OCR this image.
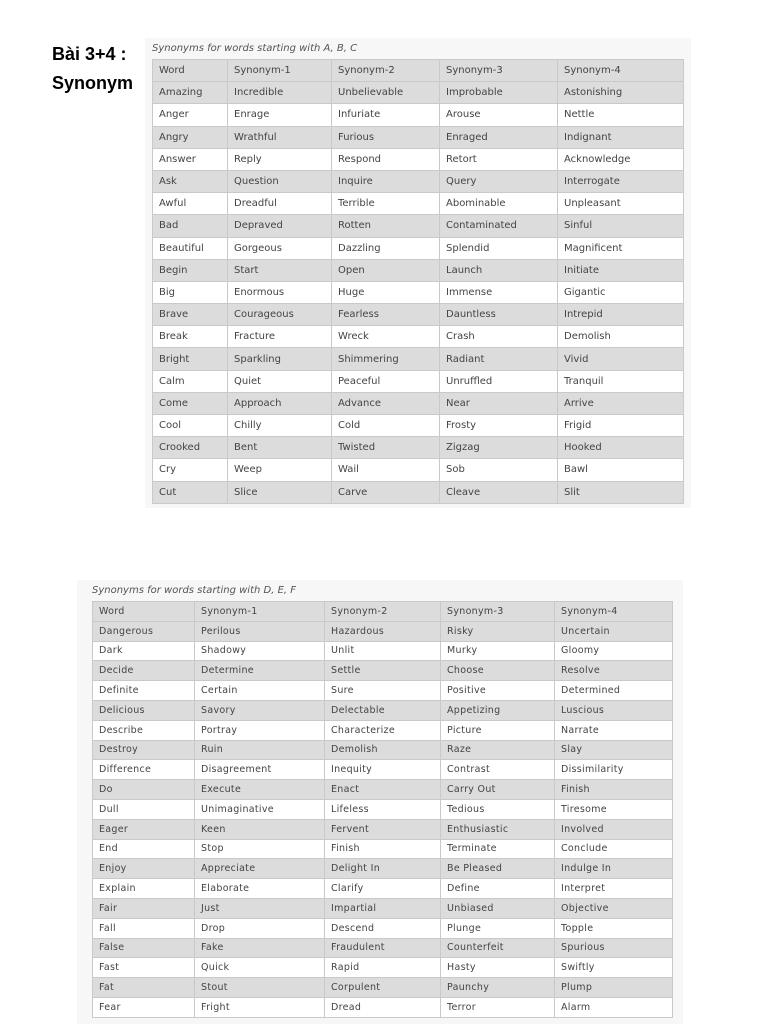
Bài 3+4 :
Synonym
Synonyms for words starting with A, B, C
Word	Synonym-1	Synonym-2	Synonym-3	Synonym-4
Amazing	Incredible	Unbelievable	Improbable	Astonishing
Anger	Enrage	Infuriate	Arouse	Nettle
Angry	Wrathful	Furious	Enraged	Indignant
Answer	Reply	Respond	Retort	Acknowledge
Ask	Question	Inquire	Query	Interrogate
Awful	Dreadful	Terrible	Abominable	Unpleasant
Bad	Depraved	Rotten	Contaminated	Sinful
Beautiful	Gorgeous	Dazzling	Splendid	Magnificent
Begin	Start	Open	Launch	Initiate
Big	Enormous	Huge	Immense	Gigantic
Brave	Courageous	Fearless	Dauntless	Intrepid
Break	Fracture	Wreck	Crash	Demolish
Bright	Sparkling	Shimmering	Radiant	Vivid
Calm	Quiet	Peaceful	Unruffled	Tranquil
Come	Approach	Advance	Near	Arrive
Cool	Chilly	Cold	Frosty	Frigid
Crooked	Bent	Twisted	Zigzag	Hooked
Cry	Weep	Wail	Sob	Bawl
Cut	Slice	Carve	Cleave	Slit
Synonyms for words starting with D, E, F
Word	Synonym-1	Synonym-2	Synonym-3	Synonym-4
Dangerous	Perilous	Hazardous	Risky	Uncertain
Dark	Shadowy	Unlit	Murky	Gloomy
Decide	Determine	Settle	Choose	Resolve
Definite	Certain	Sure	Positive	Determined
Delicious	Savory	Delectable	Appetizing	Luscious
Describe	Portray	Characterize	Picture	Narrate
Destroy	Ruin	Demolish	Raze	Slay
Difference	Disagreement	Inequity	Contrast	Dissimilarity
Do	Execute	Enact	Carry Out	Finish
Dull	Unimaginative	Lifeless	Tedious	Tiresome
Eager	Keen	Fervent	Enthusiastic	Involved
End	Stop	Finish	Terminate	Conclude
Enjoy	Appreciate	Delight In	Be Pleased	Indulge In
Explain	Elaborate	Clarify	Define	Interpret
Fair	Just	Impartial	Unbiased	Objective
Fall	Drop	Descend	Plunge	Topple
False	Fake	Fraudulent	Counterfeit	Spurious
Fast	Quick	Rapid	Hasty	Swiftly
Fat	Stout	Corpulent	Paunchy	Plump
Fear	Fright	Dread	Terror	Alarm
